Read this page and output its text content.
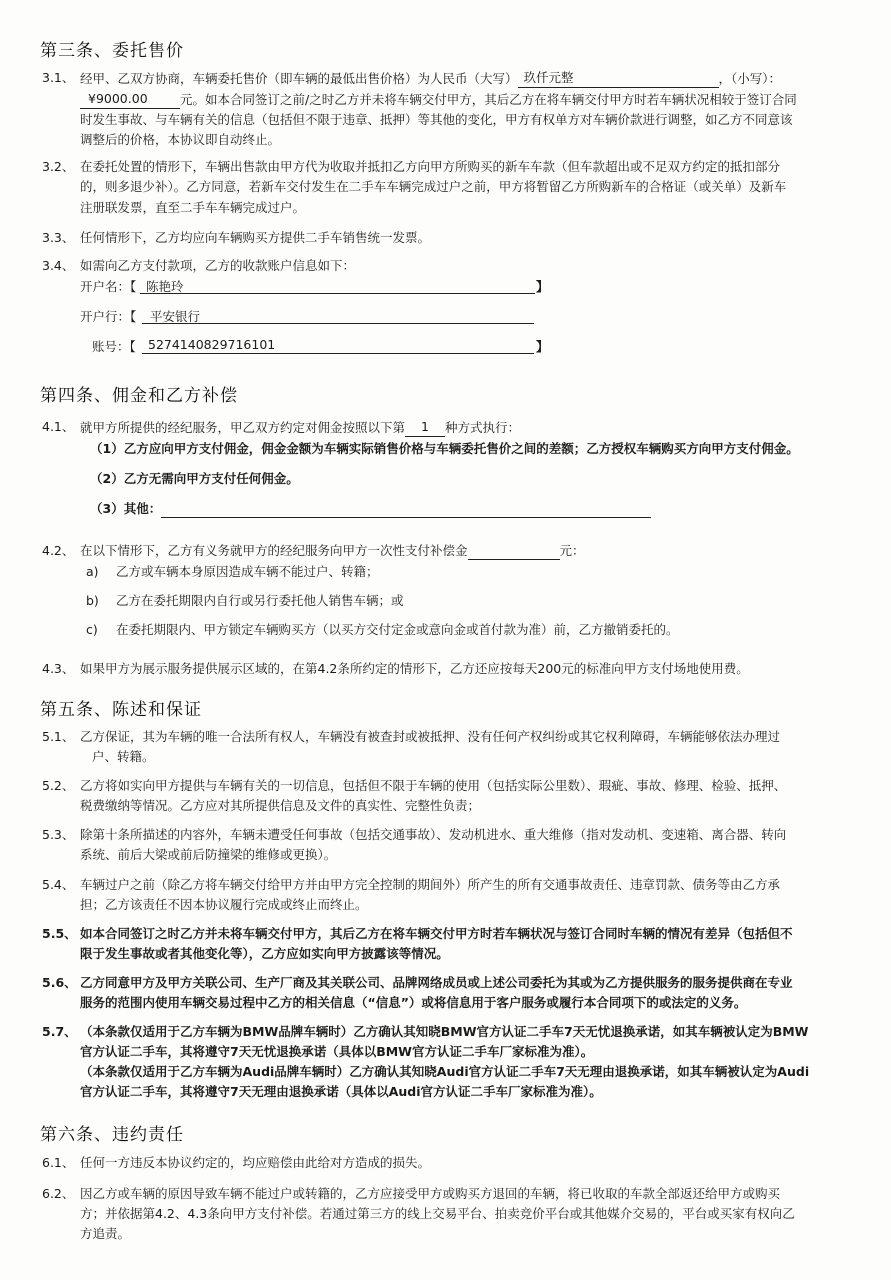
第三条、委托售价
3.1、 经甲、乙双方协商，车辆委托售价（即车辆的最低出售价格）为人民币（大写） 玖仟元整	，（小写）：
¥9000.00	元。如本合同签订之前/之时乙方并未将车辆交付甲方，其后乙方在将车辆交付甲方时若车辆状况相较于签订合同
时发生事故、与车辆有关的信息（包括但不限于违章、抵押）等其他的变化，甲方有权单方对车辆价款进行调整，如乙方不同意该
调整后的价格，本协议即自动终止。
3.2、 在委托处置的情形下，车辆出售款由甲方代为收取并抵扣乙方向甲方所购买的新车车款（但车款超出或不足双方约定的抵扣部分
的，则多退少补）。乙方同意，若新车交付发生在二手车车辆完成过户之前，甲方将暂留乙方所购新车的合格证（或关单）及新车
注册联发票，直至二手车车辆完成过户。
3.3、 任何情形下，乙方均应向车辆购买方提供二手车销售统一发票。
3.4、 如需向乙方支付款项，乙方的收款账户信息如下：
开户名：【 陈艳玲	】
开户行：【 平安银行
账号：【 5274140829716101	】
第四条、佣金和乙方补偿
4.1、 就甲方所提供的经纪服务，甲乙双方约定对佣金按照以下第 1 种方式执行：
（1）乙方应向甲方支付佣金，佣金金额为车辆实际销售价格与车辆委托售价之间的差额；乙方授权车辆购买方向甲方支付佣金。
（2）乙方无需向甲方支付任何佣金。
（3）其他：
4.2、 在以下情形下，乙方有义务就甲方的经纪服务向甲方一次性支付补偿金	元：
a) 乙方或车辆本身原因造成车辆不能过户、转籍；
b) 乙方在委托期限内自行或另行委托他人销售车辆；或
c) 在委托期限内、甲方锁定车辆购买方（以买方交付定金或意向金或首付款为准）前，乙方撤销委托的。
4.3、 如果甲方为展示服务提供展示区域的，在第4.2条所约定的情形下，乙方还应按每天200元的标准向甲方支付场地使用费。
第五条、陈述和保证
5.1、 乙方保证，其为车辆的唯一合法所有权人，车辆没有被查封或被抵押、没有任何产权纠纷或其它权利障碍，车辆能够依法办理过
户、转籍。
5.2、 乙方将如实向甲方提供与车辆有关的一切信息，包括但不限于车辆的使用（包括实际公里数）、瑕疵、事故、修理、检验、抵押、
税费缴纳等情况。乙方应对其所提供信息及文件的真实性、完整性负责；
5.3、 除第十条所描述的内容外，车辆未遭受任何事故（包括交通事故）、发动机进水、重大维修（指对发动机、变速箱、离合器、转向
系统、前后大梁或前后防撞梁的维修或更换）。
5.4、 车辆过户之前（除乙方将车辆交付给甲方并由甲方完全控制的期间外）所产生的所有交通事故责任、违章罚款、债务等由乙方承
担；乙方该责任不因本协议履行完成或终止而终止。
5.5、 如本合同签订之时乙方并未将车辆交付甲方，其后乙方在将车辆交付甲方时若车辆状况与签订合同时车辆的情况有差异（包括但不
限于发生事故或者其他变化等），乙方应如实向甲方披露该等情况。
5.6、 乙方同意甲方及甲方关联公司、生产厂商及其关联公司、品牌网络成员或上述公司委托为其或为乙方提供服务的服务提供商在专业
服务的范围内使用车辆交易过程中乙方的相关信息（“信息”）或将信息用于客户服务或履行本合同项下的或法定的义务。
5.7、 （本条款仅适用于乙方车辆为BMW品牌车辆时）乙方确认其知晓BMW官方认证二手车7天无忧退换承诺，如其车辆被认定为BMW
官方认证二手车，其将遵守7天无忧退换承诺（具体以BMW官方认证二手车厂家标准为准）。
（本条款仅适用于乙方车辆为Audi品牌车辆时）乙方确认其知晓Audi官方认证二手车7天无理由退换承诺，如其车辆被认定为Audi
官方认证二手车，其将遵守7天无理由退换承诺（具体以Audi官方认证二手车厂家标准为准）。
第六条、违约责任
6.1、 任何一方违反本协议约定的，均应赔偿由此给对方造成的损失。
6.2、 因乙方或车辆的原因导致车辆不能过户或转籍的，乙方应接受甲方或购买方退回的车辆，将已收取的车款全部返还给甲方或购买
方；并依据第4.2、4.3条向甲方支付补偿。若通过第三方的线上交易平台、拍卖竞价平台或其他媒介交易的，平台或买家有权向乙
方追责。
